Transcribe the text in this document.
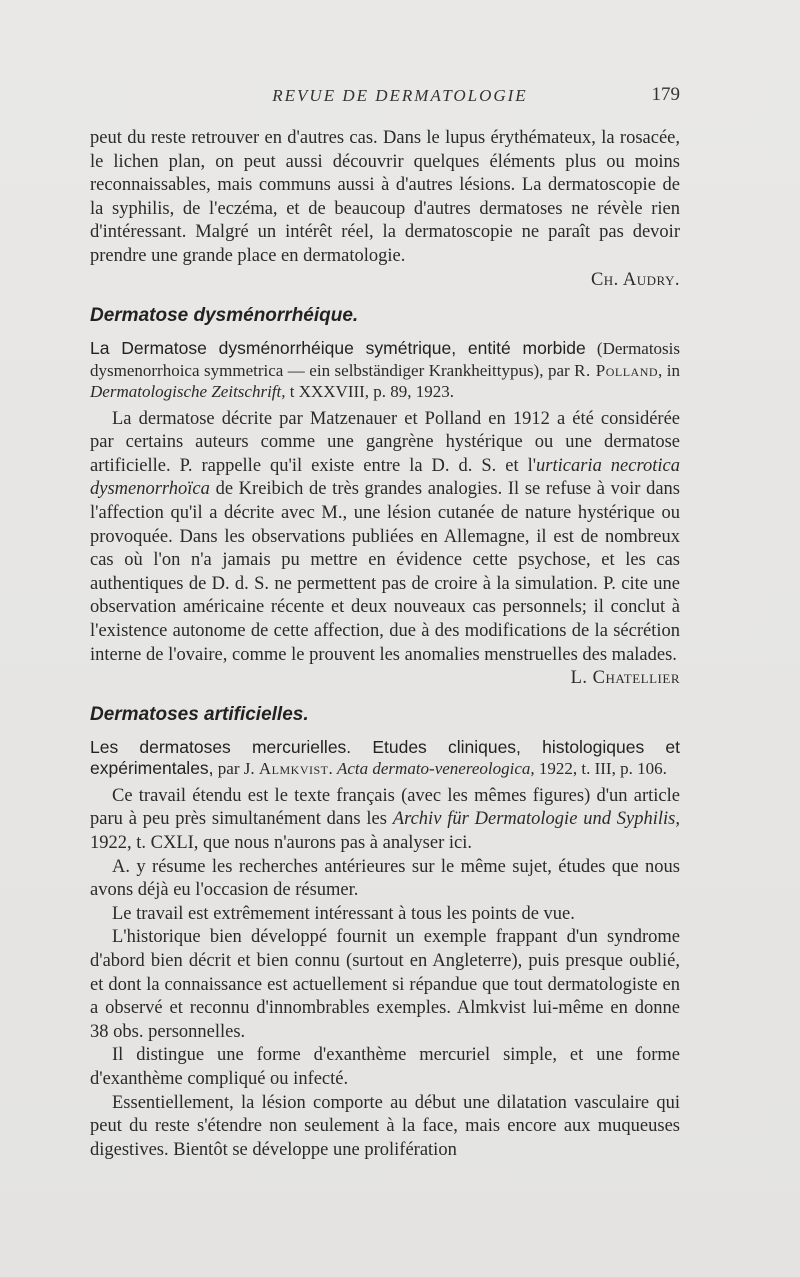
REVUE DE DERMATOLOGIE	179

peut du reste retrouver en d'autres cas. Dans le lupus érythémateux, la rosacée, le lichen plan, on peut aussi découvrir quelques éléments plus ou moins reconnaissables, mais communs aussi à d'autres lésions. La dermatoscopie de la syphilis, de l'eczéma, et de beaucoup d'autres dermatoses ne révèle rien d'intéressant. Malgré un intérêt réel, la dermatoscopie ne paraît pas devoir prendre une grande place en dermatologie.

Ch. Audry.

Dermatose dysménorrhéique.

La Dermatose dysménorrhéique symétrique, entité morbide (Dermatosis dysmenorrhoica symmetrica — ein selbständiger Krankheittypus), par R. Polland, in Dermatologische Zeitschrift, t XXXVIII, p. 89, 1923.

La dermatose décrite par Matzenauer et Polland en 1912 a été considérée par certains auteurs comme une gangrène hystérique ou une dermatose artificielle. P. rappelle qu'il existe entre la D. d. S. et l'urticaria necrotica dysmenorrhoïca de Kreibich de très grandes analogies. Il se refuse à voir dans l'affection qu'il a décrite avec M., une lésion cutanée de nature hystérique ou provoquée. Dans les observations publiées en Allemagne, il est de nombreux cas où l'on n'a jamais pu mettre en évidence cette psychose, et les cas authentiques de D. d. S. ne permettent pas de croire à la simulation. P. cite une observation américaine récente et deux nouveaux cas personnels; il conclut à l'existence autonome de cette affection, due à des modifications de la sécrétion interne de l'ovaire, comme le prouvent les anomalies menstruelles des malades.

L. Chatellier

Dermatoses artificielles.

Les dermatoses mercurielles. Etudes cliniques, histologiques et expérimentales, par J. Almkvist. Acta dermato-venereologica, 1922, t. III, p. 106.

Ce travail étendu est le texte français (avec les mêmes figures) d'un article paru à peu près simultanément dans les Archiv für Dermatologie und Syphilis, 1922, t. CXLI, que nous n'aurons pas à analyser ici.

A. y résume les recherches antérieures sur le même sujet, études que nous avons déjà eu l'occasion de résumer.

Le travail est extrêmement intéressant à tous les points de vue.

L'historique bien développé fournit un exemple frappant d'un syndrome d'abord bien décrit et bien connu (surtout en Angleterre), puis presque oublié, et dont la connaissance est actuellement si répandue que tout dermatologiste en a observé et reconnu d'innombrables exemples. Almkvist lui-même en donne 38 obs. personnelles.

Il distingue une forme d'exanthème mercuriel simple, et une forme d'exanthème compliqué ou infecté.

Essentiellement, la lésion comporte au début une dilatation vasculaire qui peut du reste s'étendre non seulement à la face, mais encore aux muqueuses digestives. Bientôt se développe une prolifération
